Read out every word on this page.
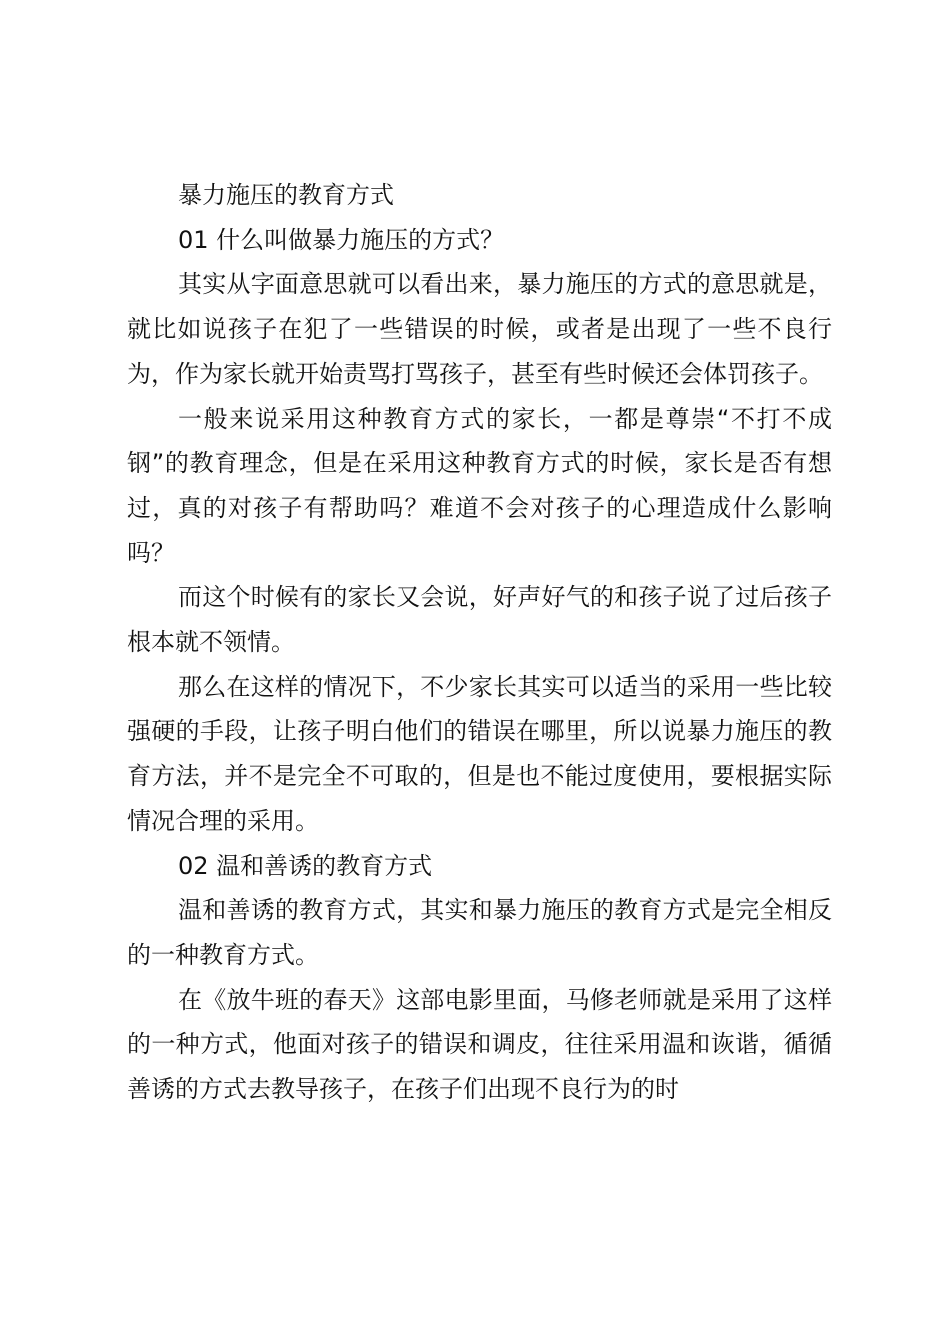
暴力施压的教育方式

01 什么叫做暴力施压的方式？

其实从字面意思就可以看出来，暴力施压的方式的意思就是，就比如说孩子在犯了一些错误的时候，或者是出现了一些不良行为，作为家长就开始责骂打骂孩子，甚至有些时候还会体罚孩子。

一般来说采用这种教育方式的家长，一都是尊崇“不打不成钢”的教育理念，但是在采用这种教育方式的时候，家长是否有想过，真的对孩子有帮助吗？难道不会对孩子的心理造成什么影响吗？

而这个时候有的家长又会说，好声好气的和孩子说了过后孩子根本就不领情。

那么在这样的情况下，不少家长其实可以适当的采用一些比较强硬的手段，让孩子明白他们的错误在哪里，所以说暴力施压的教育方法，并不是完全不可取的，但是也不能过度使用，要根据实际情况合理的采用。

02 温和善诱的教育方式

温和善诱的教育方式，其实和暴力施压的教育方式是完全相反的一种教育方式。

在《放牛班的春天》这部电影里面，马修老师就是采用了这样的一种方式，他面对孩子的错误和调皮，往往采用温和诙谐，循循善诱的方式去教导孩子，在孩子们出现不良行为的时
